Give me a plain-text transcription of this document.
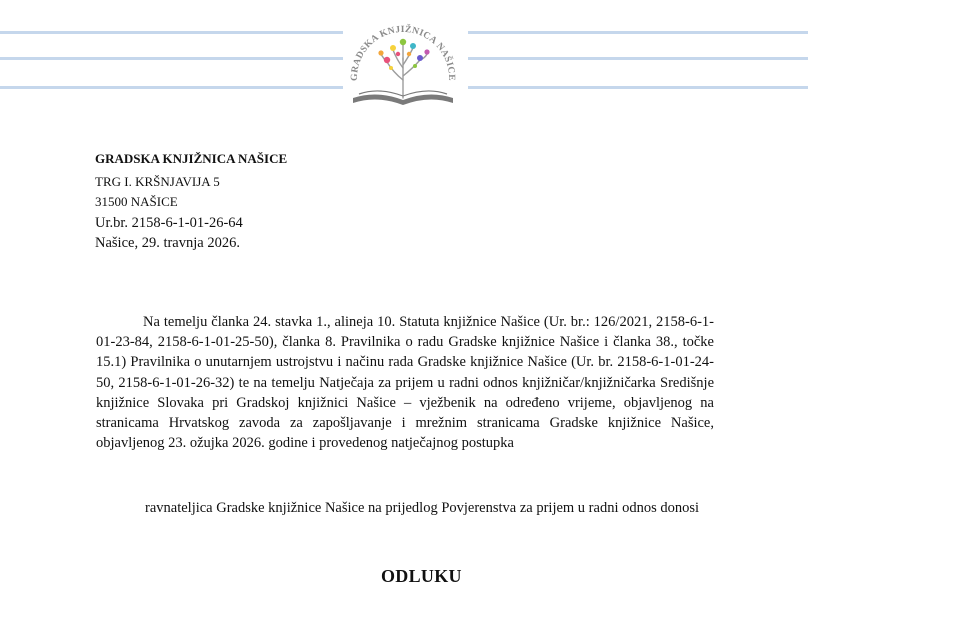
GRADSKA KNJIŽNICA NAŠICE
GRADSKA KNJIŽNICA NAŠICE
TRG I. KRŠNJAVIJA 5
31500 NAŠICE
Ur.br. 2158-6-1-01-26-64
Našice, 29. travnja 2026.

Na temelju članka 24. stavka 1., alineja 10. Statuta knjižnice Našice (Ur. br.: 126/2021, 2158-6-1-01-23-84, 2158-6-1-01-25-50), članka 8. Pravilnika o radu Gradske knjižnice Našice i članka 38., točke 15.1) Pravilnika o unutarnjem ustrojstvu i načinu rada Gradske knjižnice Našice (Ur. br. 2158-6-1-01-24-50, 2158-6-1-01-26-32) te na temelju Natječaja za prijem u radni odnos knjižničar/knjižničarka Središnje knjižnice Slovaka pri Gradskoj knjižnici Našice – vježbenik na određeno vrijeme, objavljenog na stranicama Hrvatskog zavoda za zapošljavanje i mrežnim stranicama Gradske knjižnice Našice, objavljenog 23. ožujka 2026. godine i provedenog natječajnog postupka

ravnateljica Gradske knjižnice Našice na prijedlog Povjerenstva za prijem u radni odnos donosi

ODLUKU
